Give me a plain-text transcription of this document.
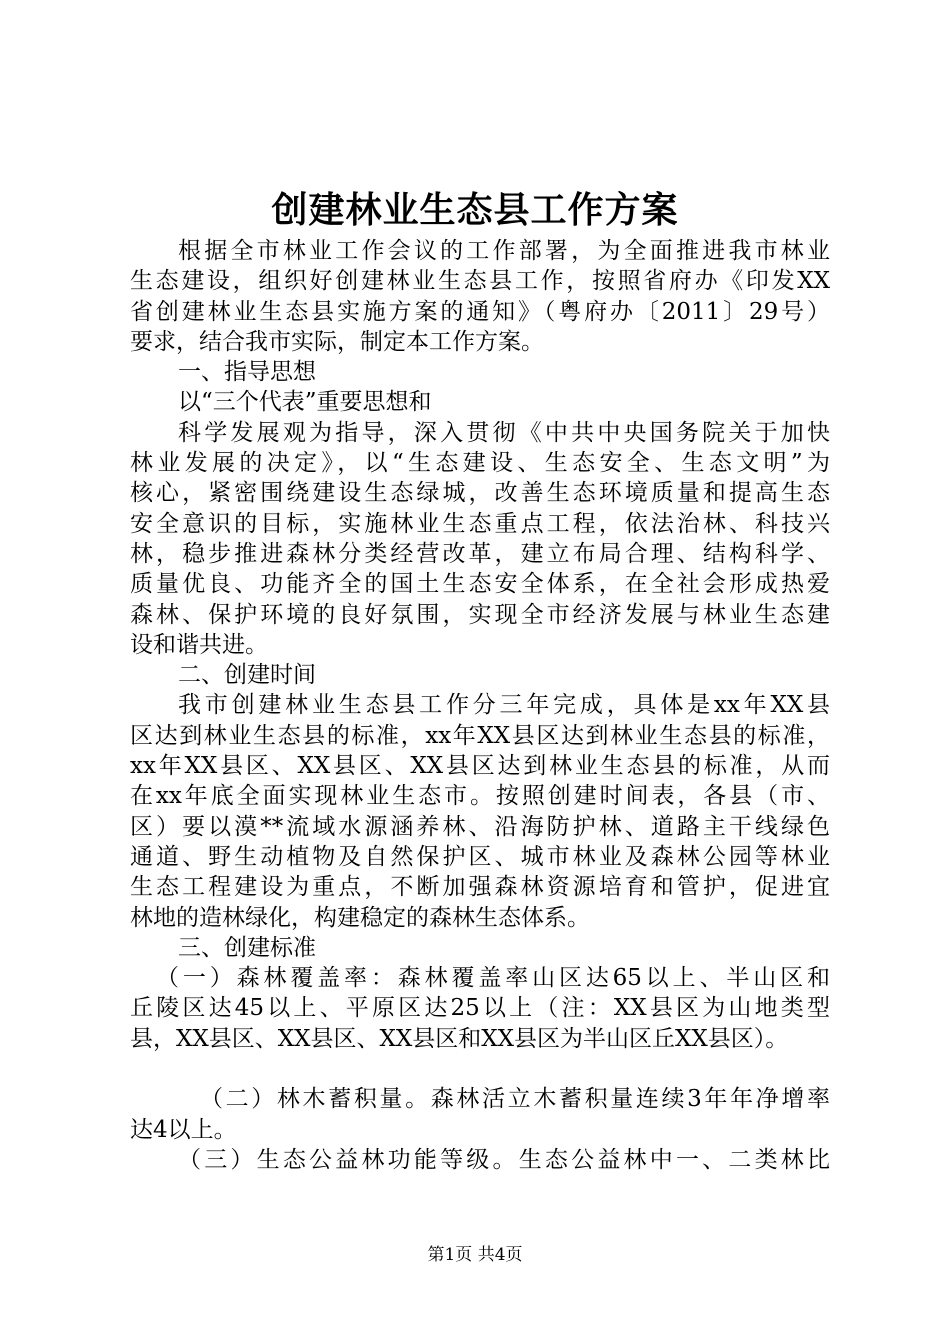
创建林业生态县工作方案
根据全市林业工作会议的工作部署，为全面推进我市林业
生态建设，组织好创建林业生态县工作，按照省府办《印发XX
省创建林业生态县实施方案的通知》（粤府办〔2011〕29号）
要求，结合我市实际，制定本工作方案。
一、指导思想
以“三个代表”重要思想和
科学发展观为指导，深入贯彻《中共中央国务院关于加快
林业发展的决定》，以“生态建设、生态安全、生态文明”为
核心，紧密围绕建设生态绿城，改善生态环境质量和提高生态
安全意识的目标，实施林业生态重点工程，依法治林、科技兴
林，稳步推进森林分类经营改革，建立布局合理、结构科学、
质量优良、功能齐全的国土生态安全体系，在全社会形成热爱
森林、保护环境的良好氛围，实现全市经济发展与林业生态建
设和谐共进。
二、创建时间
我市创建林业生态县工作分三年完成，具体是xx年XX县
区达到林业生态县的标准，xx年XX县区达到林业生态县的标准，
xx年XX县区、XX县区、XX县区达到林业生态县的标准，从而
在xx年底全面实现林业生态市。按照创建时间表，各县（市、
区）要以漠**流域水源涵养林、沿海防护林、道路主干线绿色
通道、野生动植物及自然保护区、城市林业及森林公园等林业
生态工程建设为重点，不断加强森林资源培育和管护，促进宜
林地的造林绿化，构建稳定的森林生态体系。
三、创建标准
（一）森林覆盖率：森林覆盖率山区达65以上、半山区和
丘陵区达45以上、平原区达25以上（注：XX县区为山地类型
县，XX县区、XX县区、XX县区和XX县区为半山区丘XX县区）。
（二）林木蓄积量。森林活立木蓄积量连续3年年净增率
达4以上。
（三）生态公益林功能等级。生态公益林中一、二类林比
第1页 共4页
